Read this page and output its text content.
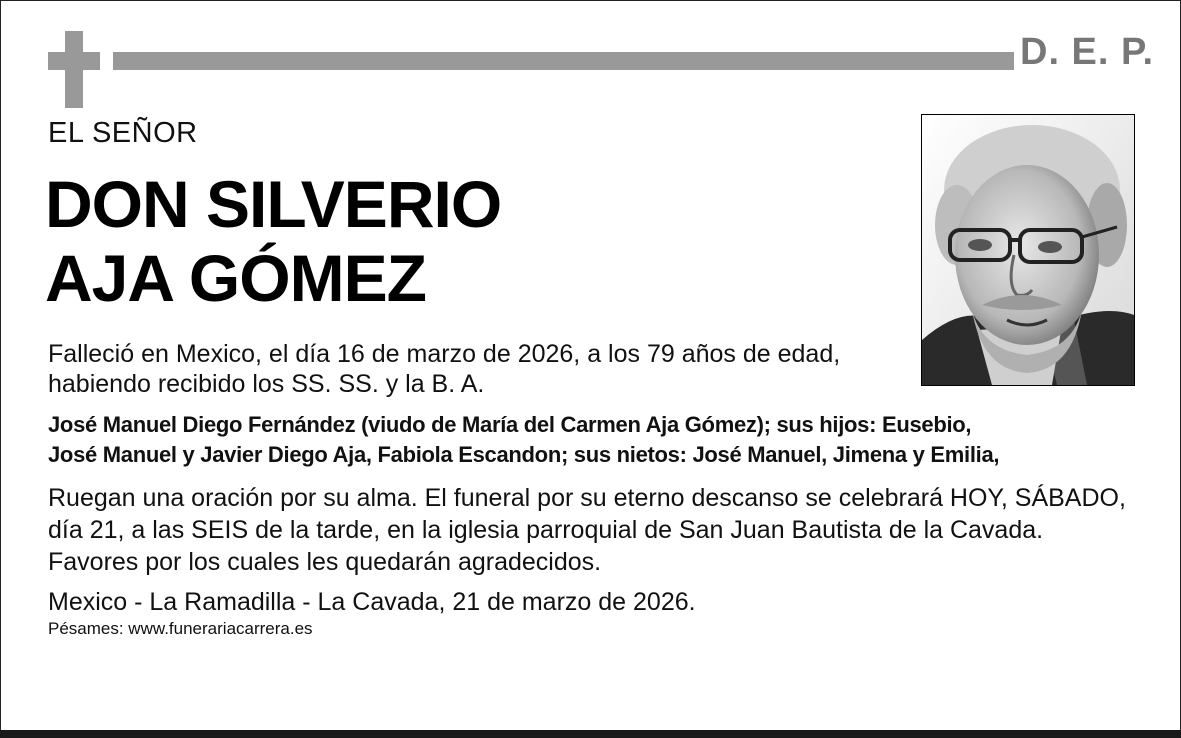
D. E. P.
EL SEÑOR
DON SILVERIO
AJA GÓMEZ
Falleció en Mexico, el día 16 de marzo de 2026, a los 79 años de edad,
habiendo recibido los SS. SS. y la B. A.
José Manuel Diego Fernández (viudo de María del Carmen Aja Gómez); sus hijos: Eusebio,
José Manuel y Javier Diego Aja, Fabiola Escandon; sus nietos: José Manuel, Jimena y Emilia,
Ruegan una oración por su alma. El funeral por su eterno descanso se celebrará HOY, SÁBADO,
día 21, a las SEIS de la tarde, en la iglesia parroquial de San Juan Bautista de la Cavada.
Favores por los cuales les quedarán agradecidos.
Mexico - La Ramadilla - La Cavada, 21 de marzo de 2026.
Pésames: www.funerariacarrera.es
